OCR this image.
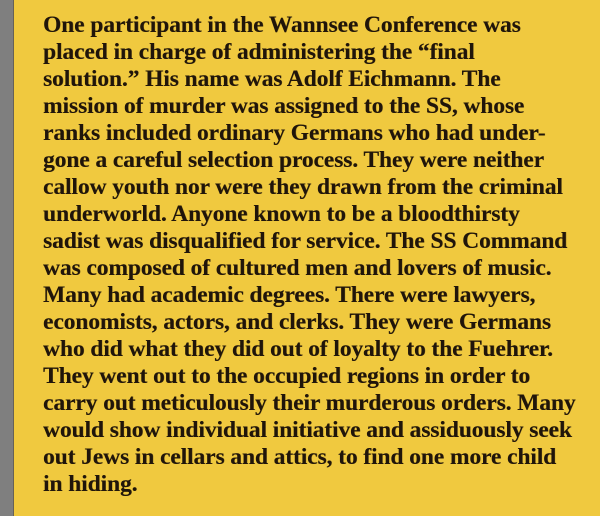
One participant in the Wannsee Conference was
placed in charge of administering the “final
solution.” His name was Adolf Eichmann. The
mission of murder was assigned to the SS, whose
ranks included ordinary Germans who had under-
gone a careful selection process. They were neither
callow youth nor were they drawn from the criminal
underworld. Anyone known to be a bloodthirsty
sadist was disqualified for service. The SS Command
was composed of cultured men and lovers of music.
Many had academic degrees. There were lawyers,
economists, actors, and clerks. They were Germans
who did what they did out of loyalty to the Fuehrer.
They went out to the occupied regions in order to
carry out meticulously their murderous orders. Many
would show individual initiative and assiduously seek
out Jews in cellars and attics, to find one more child
in hiding.
